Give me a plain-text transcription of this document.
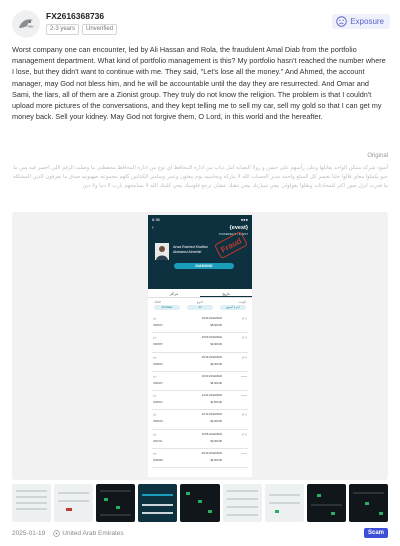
FX2616368736
2-3 years	Unverified
Exposure

Worst company one can encounter, led by Ali Hassan and Rola, the fraudulent Amal Diab from the portfolio management department. What kind of portfolio management is this? My portfolio hasn't reached the number where I lose, but they didn't want to continue with me. They said, "Let's lose all the money." And Ahmed, the account manager, may God not bless him, and he will be accountable until the day they are resurrected. And Omar and Sami, the liars, all of them are a Zionist group. They truly do not know the religion. The problem is that I couldn't upload more pictures of the conversations, and they kept telling me to sell my car, sell my gold so that I can get my money back. Sell your kidney. May God not forgive them, O Lord, in this world and the hereafter.

Original

أسوء شركة ممكن الواحد يقابلها وعلى رأسهم علي حسن و رولا النصابه امل دياب من اداره المحافظ اي نوع من اداره المحافظ محفظتي ما وصلت الرقم اللي اخسر فيه بس ما حبو يكملوا معاي قالوا خلنا نخسر كل المبلغ واحمد مدير الحساب الله لا يباركه ويحاسبه يوم يبعثون وعمر وسامي الكذابين كلهم مجموعه صهيونيه صدق ما يعرفون الدين المشكله ما قدرت انزل صور اكثر للمحادثات وظلوا يقولولي بيعي سيارتك بيعي ذهبك عشان ترجع فلوسك بيعي كليتك الله لا يسامحهم يارب لا دنيا ولا دين

6:38	●●●
‹	{evest}
POWERED BY EVEST
Arwa Rashed Khalfan Alshamsi Almehiri
DIAMOND
Fraud
مراكز	تاريخ
الحالة	النوع	الوقت
All Status	All	آخر 1 أسبوع
نوع	19:30 24/12/2022	إيداع
ID99607	$5,000.00
نوع	19:00 24/12/2022	إيداع
ID99567	$3,000.00
نوع	18:49 24/12/2022	إيداع
ID99522	$2,000.00
نوع	16:00 24/12/2022	سحب
ID99437	$4,000.00
نوع	14:22 23/12/2022	سحب
ID98321	$1,500.00
نوع	12:10 23/12/2022	إيداع
ID98204	$4,000.00
نوع	10:05 22/12/2022	إيداع
ID97011	$3,000.00
نوع	09:40 22/12/2022	سحب
ID96980	$4,000.00
2025-01-19	United Arab Emirates	Scam
